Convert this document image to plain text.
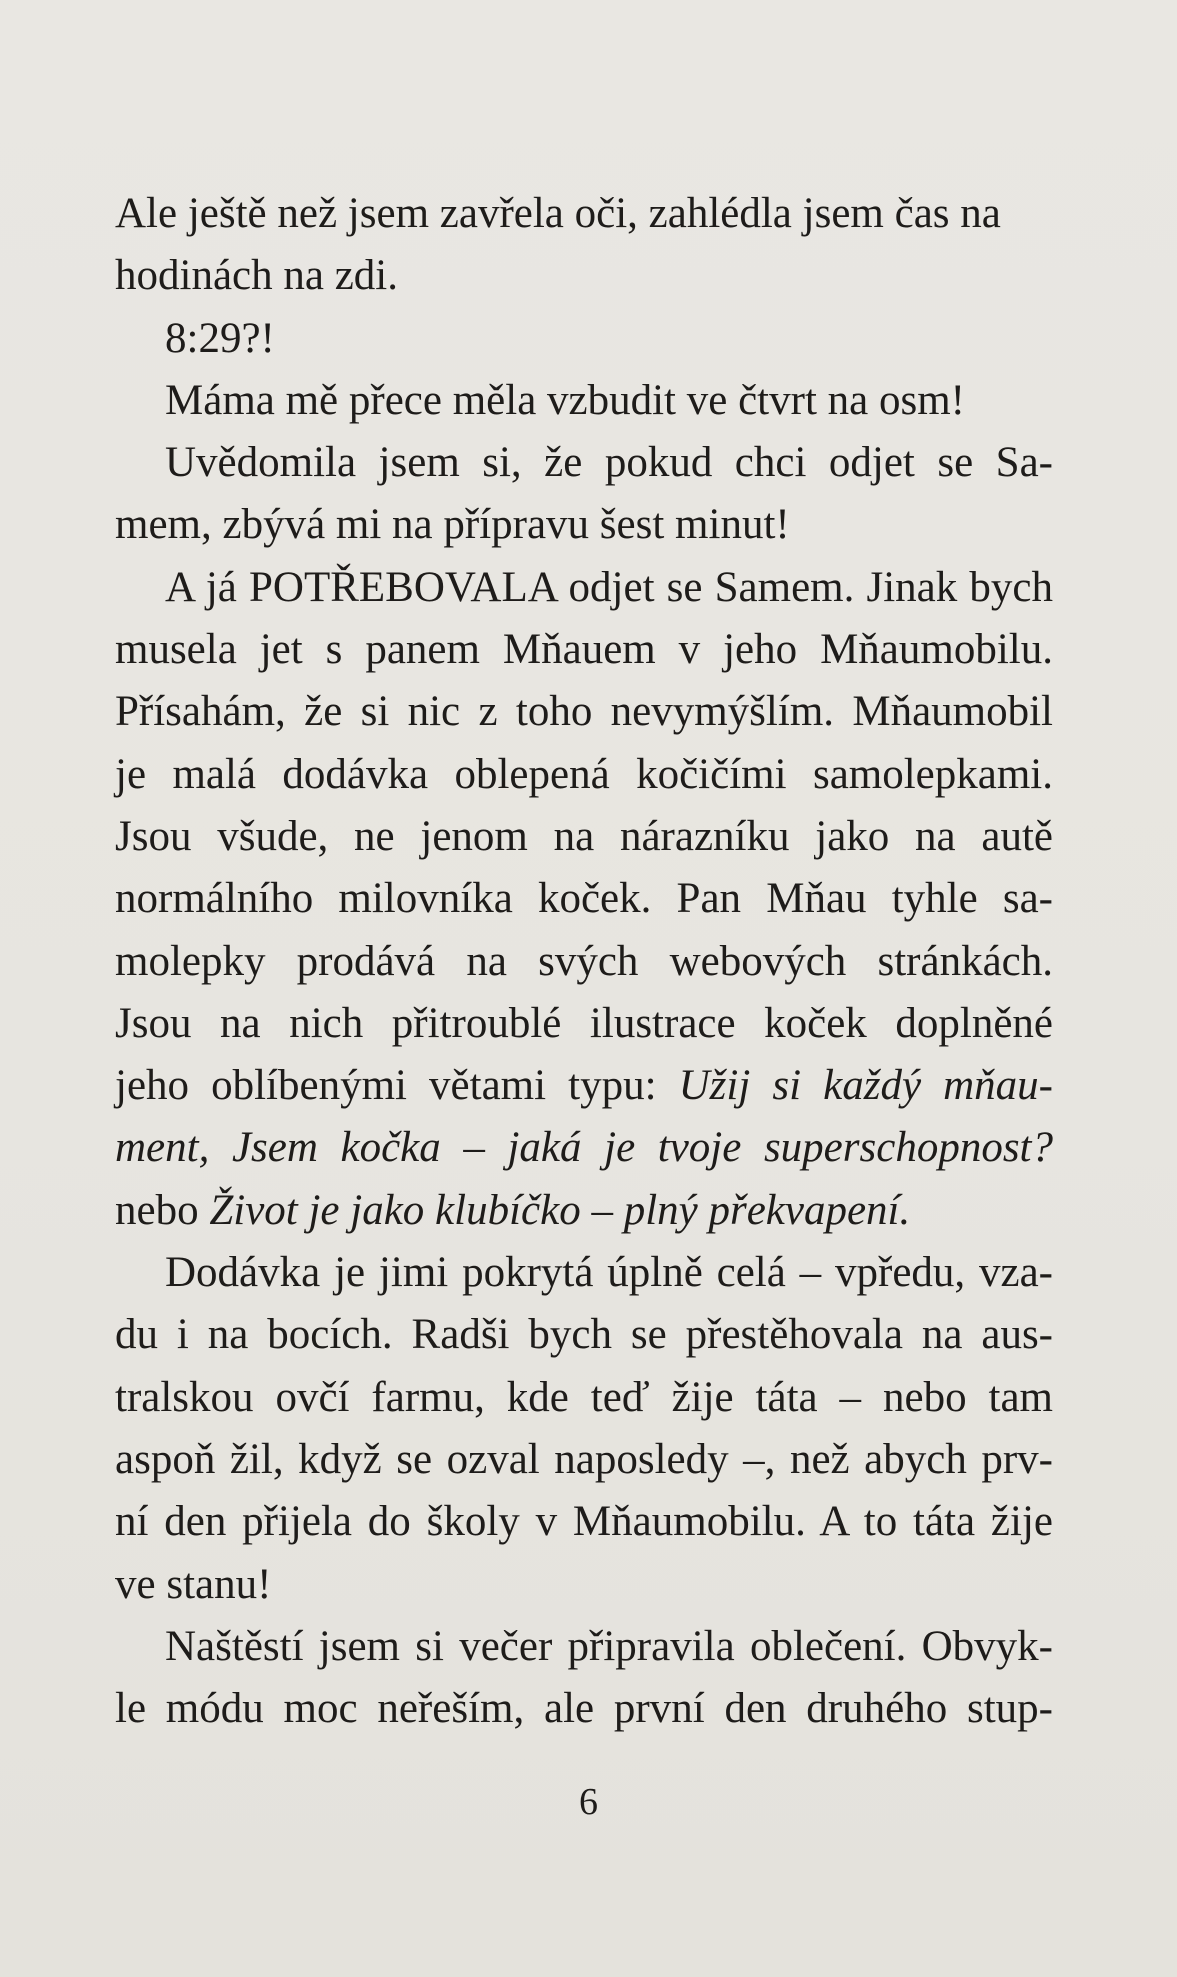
Ale ještě než jsem zavřela oči, zahlédla jsem čas na
hodinách na zdi.
8:29?!
Máma mě přece měla vzbudit ve čtvrt na osm!
Uvědomila jsem si, že pokud chci odjet se Sa-
mem, zbývá mi na přípravu šest minut!
A já POTŘEBOVALA odjet se Samem. Jinak bych
musela jet s panem Mňauem v jeho Mňaumobilu.
Přísahám, že si nic z toho nevymýšlím. Mňaumobil
je malá dodávka oblepená kočičími samolepkami.
Jsou všude, ne jenom na nárazníku jako na autě
normálního milovníka koček. Pan Mňau tyhle sa-
molepky prodává na svých webových stránkách.
Jsou na nich přitroublé ilustrace koček doplněné
jeho oblíbenými větami typu: Užij si každý mňau-
ment, Jsem kočka – jaká je tvoje superschopnost?
nebo Život je jako klubíčko – plný překvapení.
Dodávka je jimi pokrytá úplně celá – vpředu, vza-
du i na bocích. Radši bych se přestěhovala na aus-
tralskou ovčí farmu, kde teď žije táta – nebo tam
aspoň žil, když se ozval naposledy –, než abych prv-
ní den přijela do školy v Mňaumobilu. A to táta žije
ve stanu!
Naštěstí jsem si večer připravila oblečení. Obvyk-
le módu moc neřeším, ale první den druhého stup-
6
